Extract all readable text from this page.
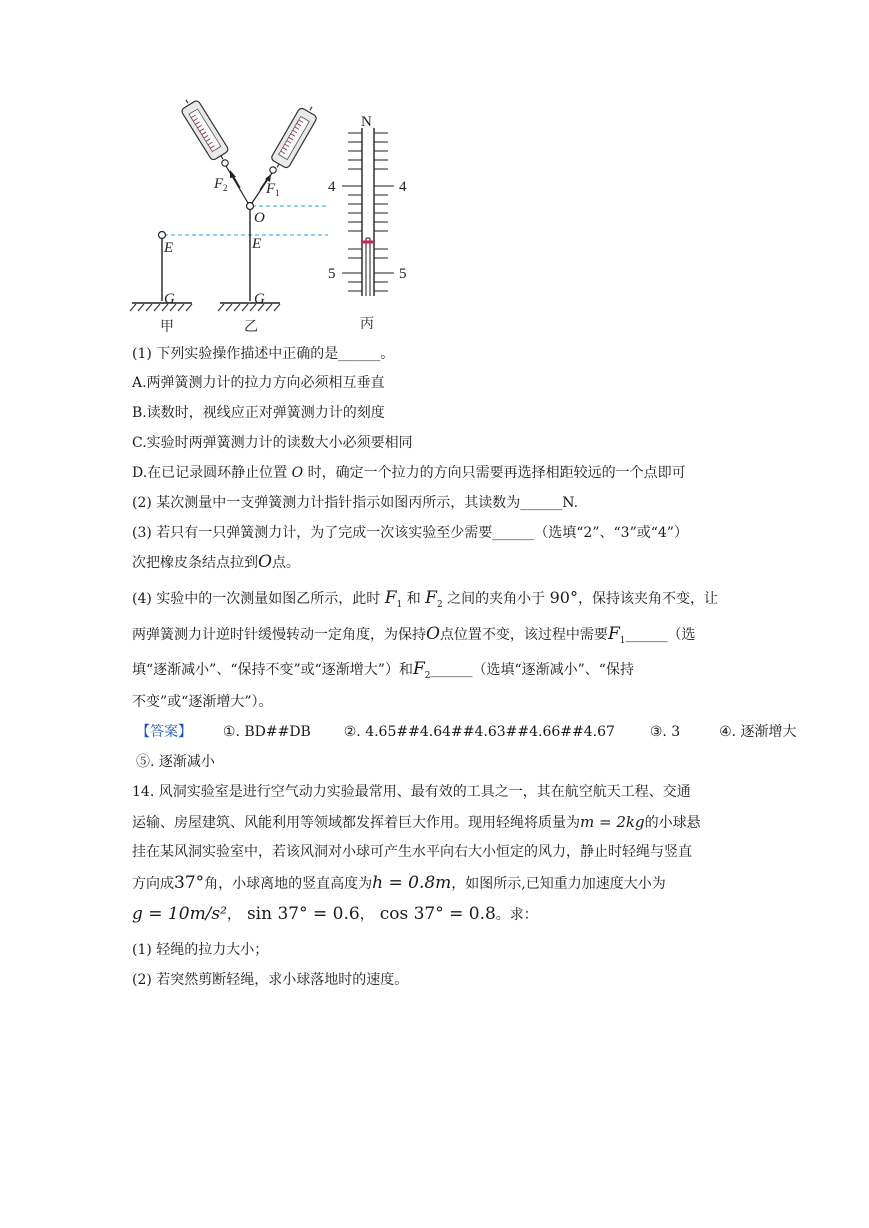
E
G
E
G
O
F 2	F 1
N
4	4
5	5
甲	乙	丙
(1) 下列实验操作描述中正确的是______。
A.两弹簧测力计的拉力方向必须相互垂直
B.读数时，视线应正对弹簧测力计的刻度
C.实验时两弹簧测力计的读数大小必须要相同
D.在已记录圆环静止位置 O 时，确定一个拉力的方向只需要再选择相距较远的一个点即可
(2) 某次测量中一支弹簧测力计指针指示如图丙所示，其读数为______N.
(3) 若只有一只弹簧测力计，为了完成一次该实验至少需要______（选填“2”、“3”或“4”）
次把橡皮条结点拉到O点。
(4) 实验中的一次测量如图乙所示，此时 $F_1$ 和 $F_2$ 之间的夹角小于 90°，保持该夹角不变，让
两弹簧测力计逆时针缓慢转动一定角度，为保持O点位置不变，该过程中需要$F_1\_\_\_\_\_\_$（选
填“逐渐减小”、“保持不变”或“逐渐增大”）和$F_2\_\_\_\_\_\_$（选填“逐渐减小”、“保持
不变”或“逐渐增大”）。
【答案】 ①. BD##DB ②. 4.65##4.64##4.63##4.66##4.67 ③. 3	④. 逐渐增大
⑤. 逐渐减小
14. 风洞实验室是进行空气动力实验最常用、最有效的工具之一，其在航空航天工程、交通
运输、房屋建筑、风能利用等领域都发挥着巨大作用。现用轻绳将质量为m = 2kg的小球悬
挂在某风洞实验室中，若该风洞对小球可产生水平向右大小恒定的风力，静止时轻绳与竖直
方向成37°角，小球离地的竖直高度为h = 0.8m，如图所示,已知重力加速度大小为
g = 10m/s²， sin 37° = 0.6， cos 37° = 0.8。求：
(1) 轻绳的拉力大小；
(2) 若突然剪断轻绳，求小球落地时的速度。
